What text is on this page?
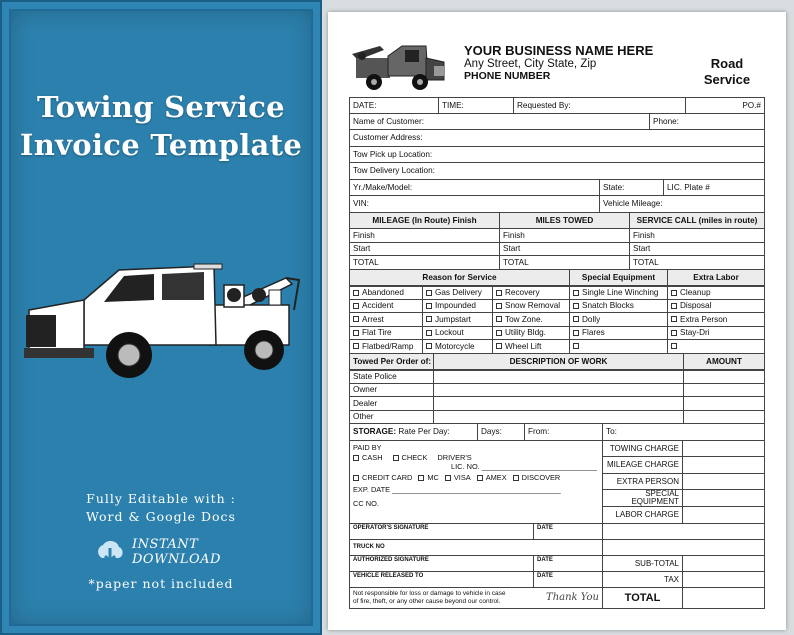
Towing Service
Invoice Template
Fully Editable with :
Word & Google Docs
INSTANT
DOWNLOAD
*paper not included
YOUR BUSINESS NAME HERE
Any Street, City State, Zip
PHONE NUMBER
Road
Service
DATE:	TIME:	Requested By:	PO.#
Name of Customer:	Phone:
Customer Address:
Tow Pick up Location:
Tow Delivery Location:
Yr./Make/Model:	State:	LIC. Plate #
VIN:	Vehicle Mileage:
MILEAGE (In Route) Finish	MILES TOWED	SERVICE CALL (miles in route)
Finish	Finish	Finish
Start	Start	Start
TOTAL	TOTAL	TOTAL
Reason for Service	Special Equipment	Extra Labor
Abandoned	Gas Delivery	Recovery	Single Line Winching	Cleanup
Accident	Impounded	Snow Removal	Snatch Blocks	Disposal
Arrest	Jumpstart	Tow Zone.	Dolly	Extra Person
Flat Tire	Lockout	Utility Bldg.	Flares	Stay-Dri
Flatbed/Ramp	Motorcycle	Wheel Lift
Towed Per Order of:	DESCRIPTION OF WORK	AMOUNT
State Police
Owner
Dealer
Other
STORAGE:
Rate Per Day:	Days:	From:	To:
PAID BY
CASH	CHECK DRIVER'S
LIC. NO. ____________________________
CREDIT CARD	MC	VISA	AMEX	DISCOVER
EXP. DATE _________________________________________
CC NO.
TOWING CHARGE
MILEAGE CHARGE
EXTRA PERSON
SPECIAL
EQUIPMENT
LABOR CHARGE
OPERATOR'S SIGNATURE	DATE
TRUCK NO
AUTHORIZED SIGNATURE	DATE
VEHICLE RELEASED TO	DATE
Not responsible for loss or damage to vehicle in case
of fire, theft, or any other cause beyond our control.	Thank You
SUB-TOTAL
TAX
TOTAL
